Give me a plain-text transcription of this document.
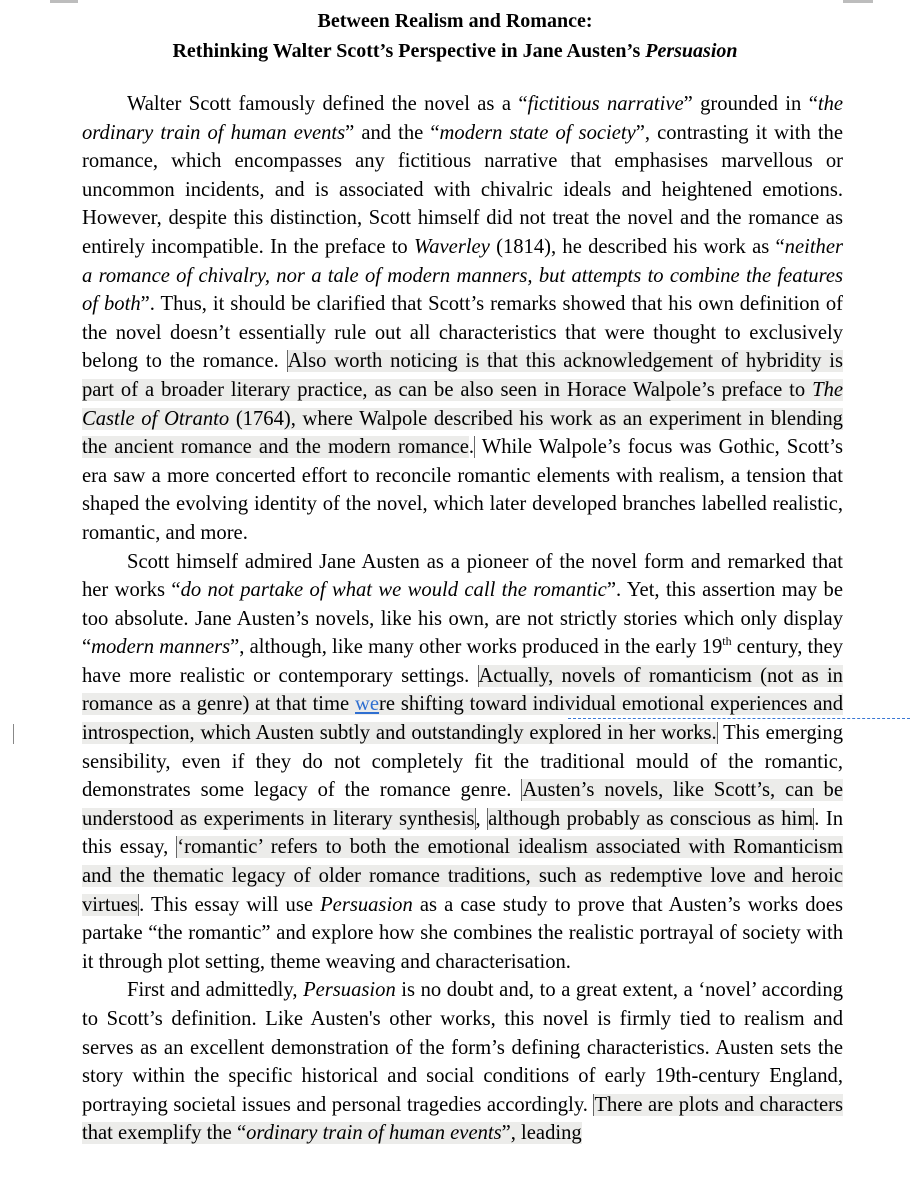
Between Realism and Romance:
Rethinking Walter Scott’s Perspective in Jane Austen’s Persuasion

Walter Scott famously defined the novel as a “fictitious narrative” grounded in “the ordinary train of human events” and the “modern state of society”, contrasting it with the romance, which encompasses any fictitious narrative that emphasises marvellous or uncommon incidents, and is associated with chivalric ideals and heightened emotions. However, despite this distinction, Scott himself did not treat the novel and the romance as entirely incompatible. In the preface to Waverley (1814), he described his work as “neither a romance of chivalry, nor a tale of modern manners, but attempts to combine the features of both”. Thus, it should be clarified that Scott’s remarks showed that his own definition of the novel doesn’t essentially rule out all characteristics that were thought to exclusively belong to the romance. Also worth noticing is that this acknowledgement of hybridity is part of a broader literary practice, as can be also seen in Horace Walpole’s preface to The Castle of Otranto (1764), where Walpole described his work as an experiment in blending the ancient romance and the modern romance. While Walpole’s focus was Gothic, Scott’s era saw a more concerted effort to reconcile romantic elements with realism, a tension that shaped the evolving identity of the novel, which later developed branches labelled realistic, romantic, and more.

Scott himself admired Jane Austen as a pioneer of the novel form and remarked that her works “do not partake of what we would call the romantic”. Yet, this assertion may be too absolute. Jane Austen’s novels, like his own, are not strictly stories which only display “modern manners”, although, like many other works produced in the early 19th century, they have more realistic or contemporary settings. Actually, novels of romanticism (not as in romance as a genre) at that time were shifting toward individual emotional experiences and introspection, which Austen subtly and outstandingly explored in her works. This emerging sensibility, even if they do not completely fit the traditional mould of the romantic, demonstrates some legacy of the romance genre. Austen’s novels, like Scott’s, can be understood as experiments in literary synthesis, although probably as conscious as him. In this essay, ‘romantic’ refers to both the emotional idealism associated with Romanticism and the thematic legacy of older romance traditions, such as redemptive love and heroic virtues. This essay will use Persuasion as a case study to prove that Austen’s works does partake “the romantic” and explore how she combines the realistic portrayal of society with it through plot setting, theme weaving and characterisation.

First and admittedly, Persuasion is no doubt and, to a great extent, a ‘novel’ according to Scott’s definition. Like Austen's other works, this novel is firmly tied to realism and serves as an excellent demonstration of the form’s defining characteristics. Austen sets the story within the specific historical and social conditions of early 19th-century England, portraying societal issues and personal tragedies accordingly. There are plots and characters that exemplify the “ordinary train of human events”, leading
